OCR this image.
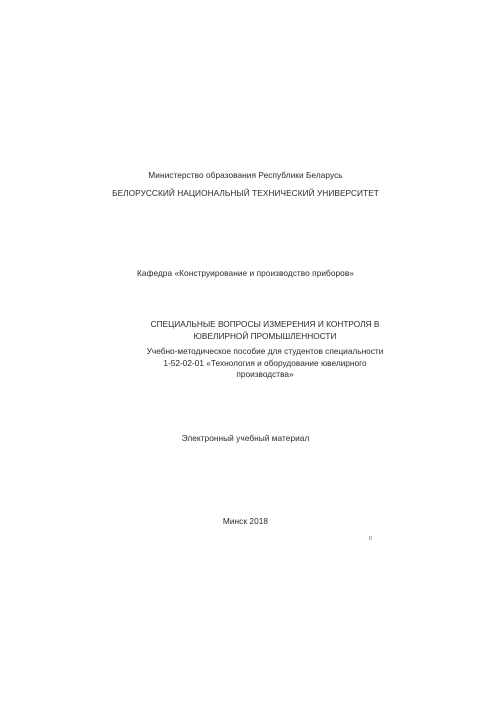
Министерство образования Республики Беларусь
БЕЛОРУССКИЙ НАЦИОНАЛЬНЫЙ ТЕХНИЧЕСКИЙ УНИВЕРСИТЕТ
Кафедра «Конструирование и производство приборов»
СПЕЦИАЛЬНЫЕ ВОПРОСЫ ИЗМЕРЕНИЯ И КОНТРОЛЯ В
ЮВЕЛИРНОЙ ПРОМЫШЛЕННОСТИ
Учебно-методическое пособие для студентов специальности
1-52-02-01 «Технология и оборудование ювелирного
производства»
Электронный учебный материал
Минск 2018
0
